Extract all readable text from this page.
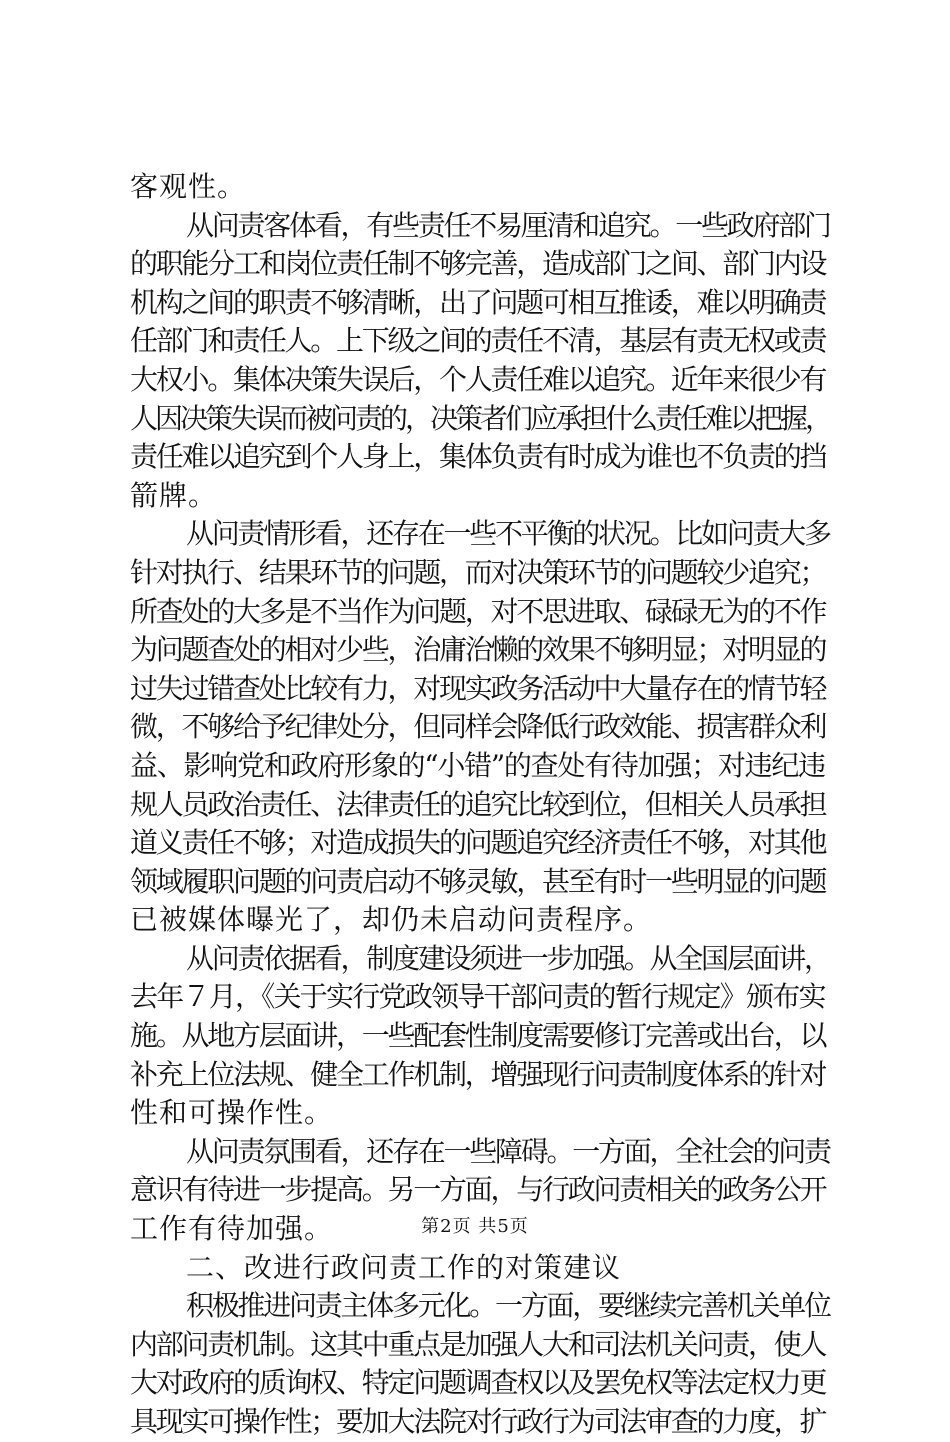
客观性。
从问责客体看，有些责任不易厘清和追究。一些政府部门
的职能分工和岗位责任制不够完善，造成部门之间、部门内设
机构之间的职责不够清晰，出了问题可相互推诿，难以明确责
任部门和责任人。上下级之间的责任不清，基层有责无权或责
大权小。集体决策失误后，个人责任难以追究。近年来很少有
人因决策失误而被问责的，决策者们应承担什么责任难以把握，
责任难以追究到个人身上，集体负责有时成为谁也不负责的挡
箭牌。
从问责情形看，还存在一些不平衡的状况。比如问责大多
针对执行、结果环节的问题，而对决策环节的问题较少追究；
所查处的大多是不当作为问题，对不思进取、碌碌无为的不作
为问题查处的相对少些，治庸治懒的效果不够明显；对明显的
过失过错查处比较有力，对现实政务活动中大量存在的情节轻
微，不够给予纪律处分，但同样会降低行政效能、损害群众利
益、影响党和政府形象的“小错”的查处有待加强；对违纪违
规人员政治责任、法律责任的追究比较到位，但相关人员承担
道义责任不够；对造成损失的问题追究经济责任不够，对其他
领域履职问题的问责启动不够灵敏，甚至有时一些明显的问题
已被媒体曝光了，却仍未启动问责程序。
从问责依据看，制度建设须进一步加强。从全国层面讲，
去年７月，《关于实行党政领导干部问责的暂行规定》颁布实
施。从地方层面讲，一些配套性制度需要修订完善或出台，以
补充上位法规、健全工作机制，增强现行问责制度体系的针对
性和可操作性。
从问责氛围看，还存在一些障碍。一方面，全社会的问责
意识有待进一步提高。另一方面，与行政问责相关的政务公开
工作有待加强。
二、改进行政问责工作的对策建议
积极推进问责主体多元化。一方面，要继续完善机关单位
内部问责机制。这其中重点是加强人大和司法机关问责，使人
大对政府的质询权、特定问题调查权以及罢免权等法定权力更
具现实可操作性；要加大法院对行政行为司法审查的力度，扩
第2页 共5页
